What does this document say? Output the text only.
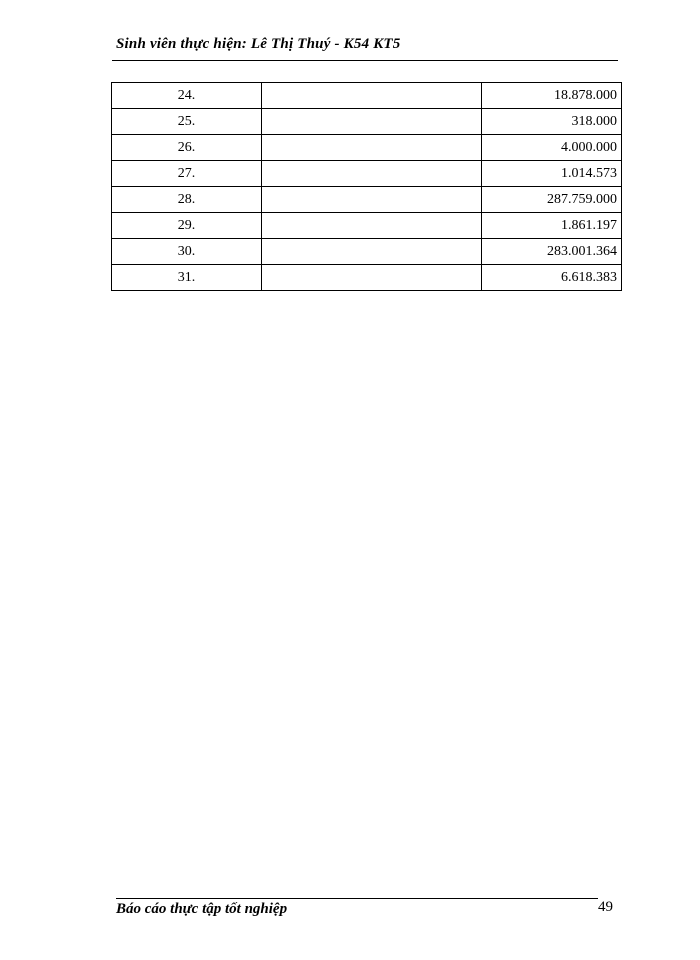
Sinh viên thực hiện: Lê Thị Thuý - K54 KT5
24.		18.878.000
25.		318.000
26.		4.000.000
27.		1.014.573
28.		287.759.000
29.		1.861.197
30.		283.001.364
31.		6.618.383
Báo cáo thực tập tốt nghiệp	49
